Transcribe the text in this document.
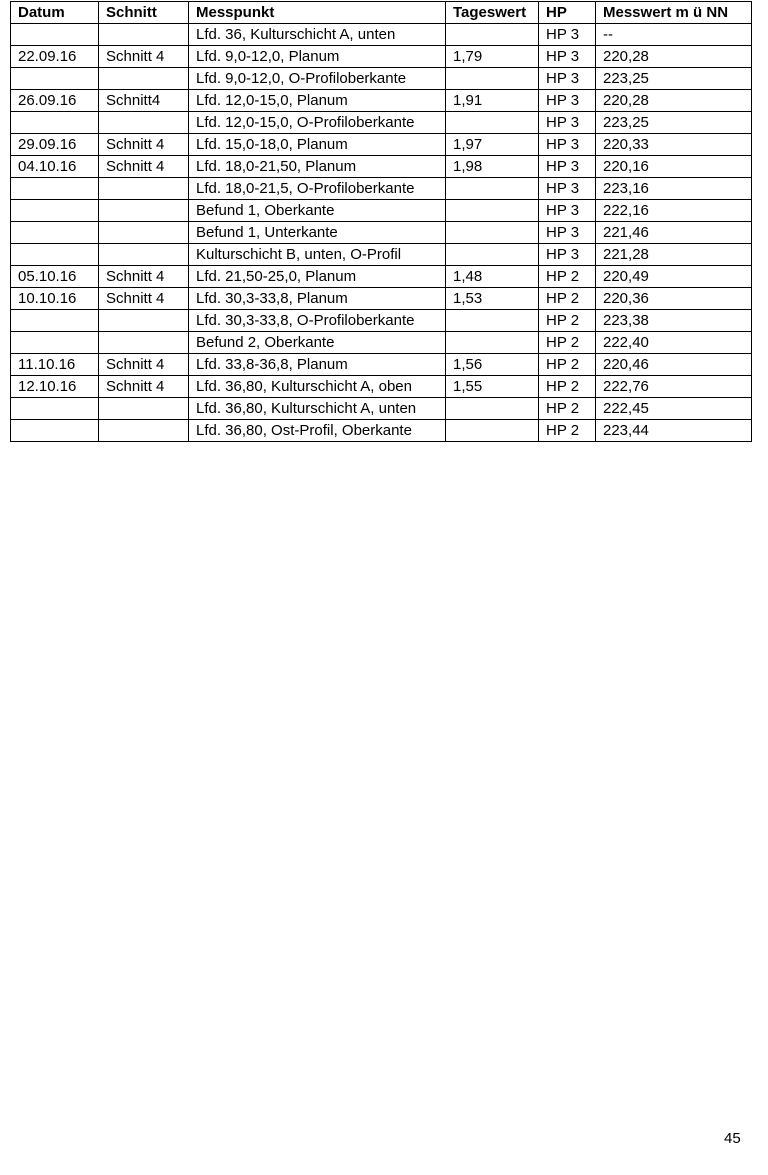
Datum	Schnitt	Messpunkt	Tageswert	HP	Messwert m ü NN
		Lfd. 36, Kulturschicht A, unten		HP 3	--
22.09.16	Schnitt 4	Lfd. 9,0-12,0, Planum	1,79	HP 3	220,28
		Lfd. 9,0-12,0, O-Profiloberkante		HP 3	223,25
26.09.16	Schnitt4	Lfd. 12,0-15,0, Planum	1,91	HP 3	220,28
		Lfd. 12,0-15,0, O-Profiloberkante		HP 3	223,25
29.09.16	Schnitt 4	Lfd. 15,0-18,0, Planum	1,97	HP 3	220,33
04.10.16	Schnitt 4	Lfd. 18,0-21,50, Planum	1,98	HP 3	220,16
		Lfd. 18,0-21,5, O-Profiloberkante		HP 3	223,16
		Befund 1, Oberkante		HP 3	222,16
		Befund 1, Unterkante		HP 3	221,46
		Kulturschicht B, unten, O-Profil		HP 3	221,28
05.10.16	Schnitt 4	Lfd. 21,50-25,0, Planum	1,48	HP 2	220,49
10.10.16	Schnitt 4	Lfd. 30,3-33,8, Planum	1,53	HP 2	220,36
		Lfd. 30,3-33,8, O-Profiloberkante		HP 2	223,38
		Befund 2, Oberkante		HP 2	222,40
11.10.16	Schnitt 4	Lfd. 33,8-36,8, Planum	1,56	HP 2	220,46
12.10.16	Schnitt 4	Lfd. 36,80, Kulturschicht A, oben	1,55	HP 2	222,76
		Lfd. 36,80, Kulturschicht A, unten		HP 2	222,45
		Lfd. 36,80, Ost-Profil, Oberkante		HP 2	223,44
45
